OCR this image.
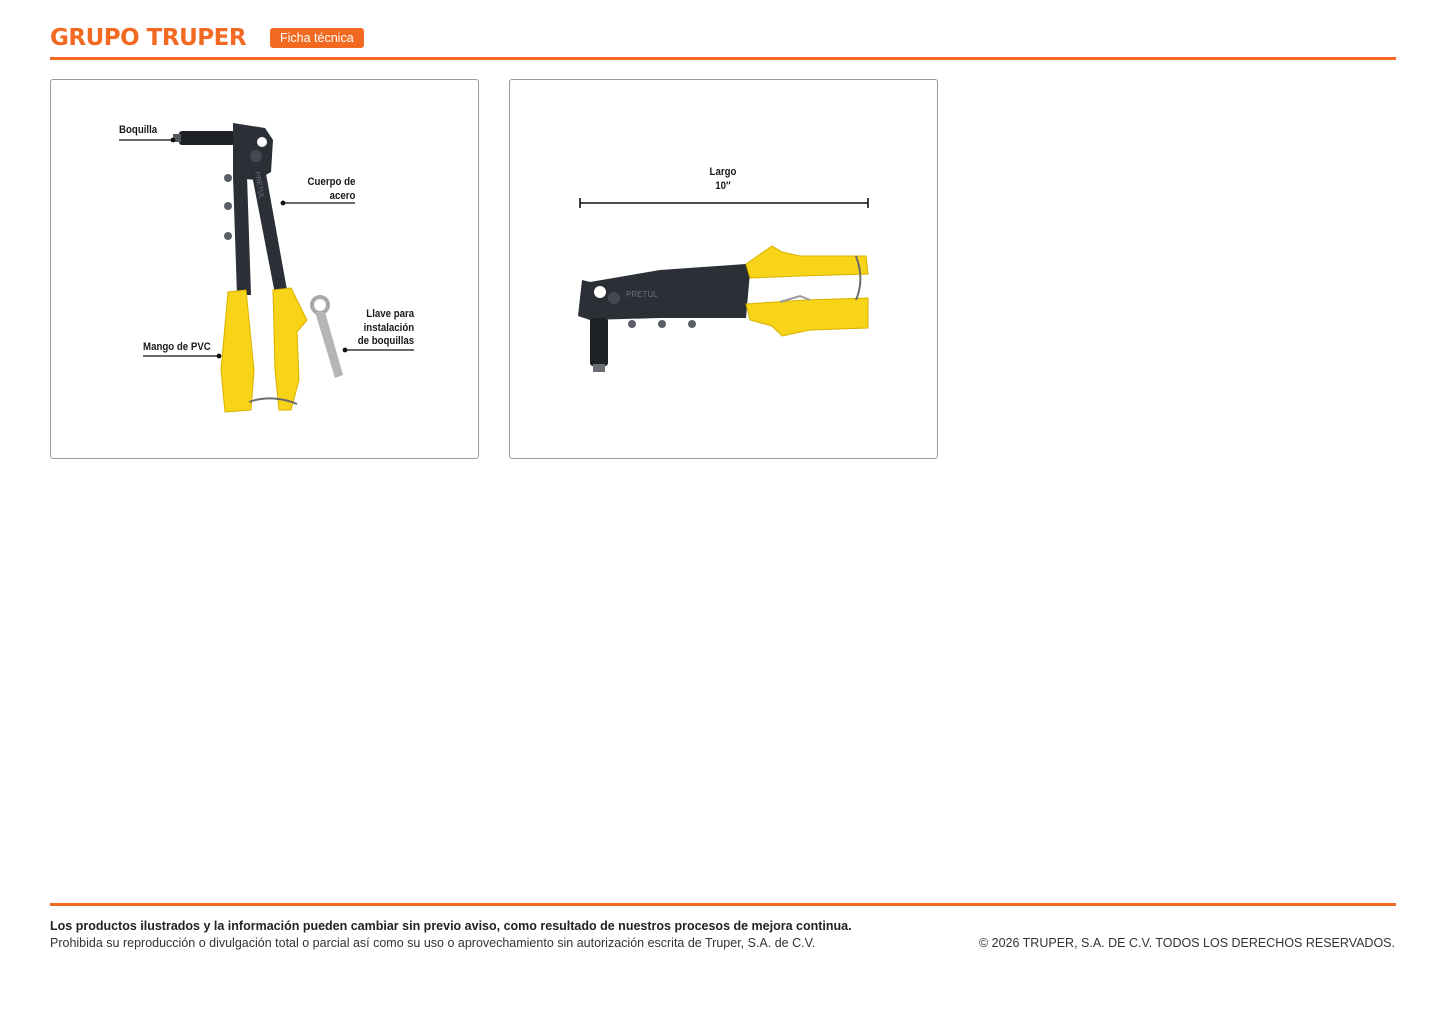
GRUPO TRUPER	Ficha técnica
PRETUL
Boquilla
Cuerpo de
acero
Mango de PVC
Llave para
instalación
de boquillas
PRETUL
Largo
10″
Los productos ilustrados y la información pueden cambiar sin previo aviso, como resultado de nuestros procesos de mejora continua.
Prohibida su reproducción o divulgación total o parcial así como su uso o aprovechamiento sin autorización escrita de Truper, S.A. de C.V.	© 2026 TRUPER, S.A. DE C.V. TODOS LOS DERECHOS RESERVADOS.
